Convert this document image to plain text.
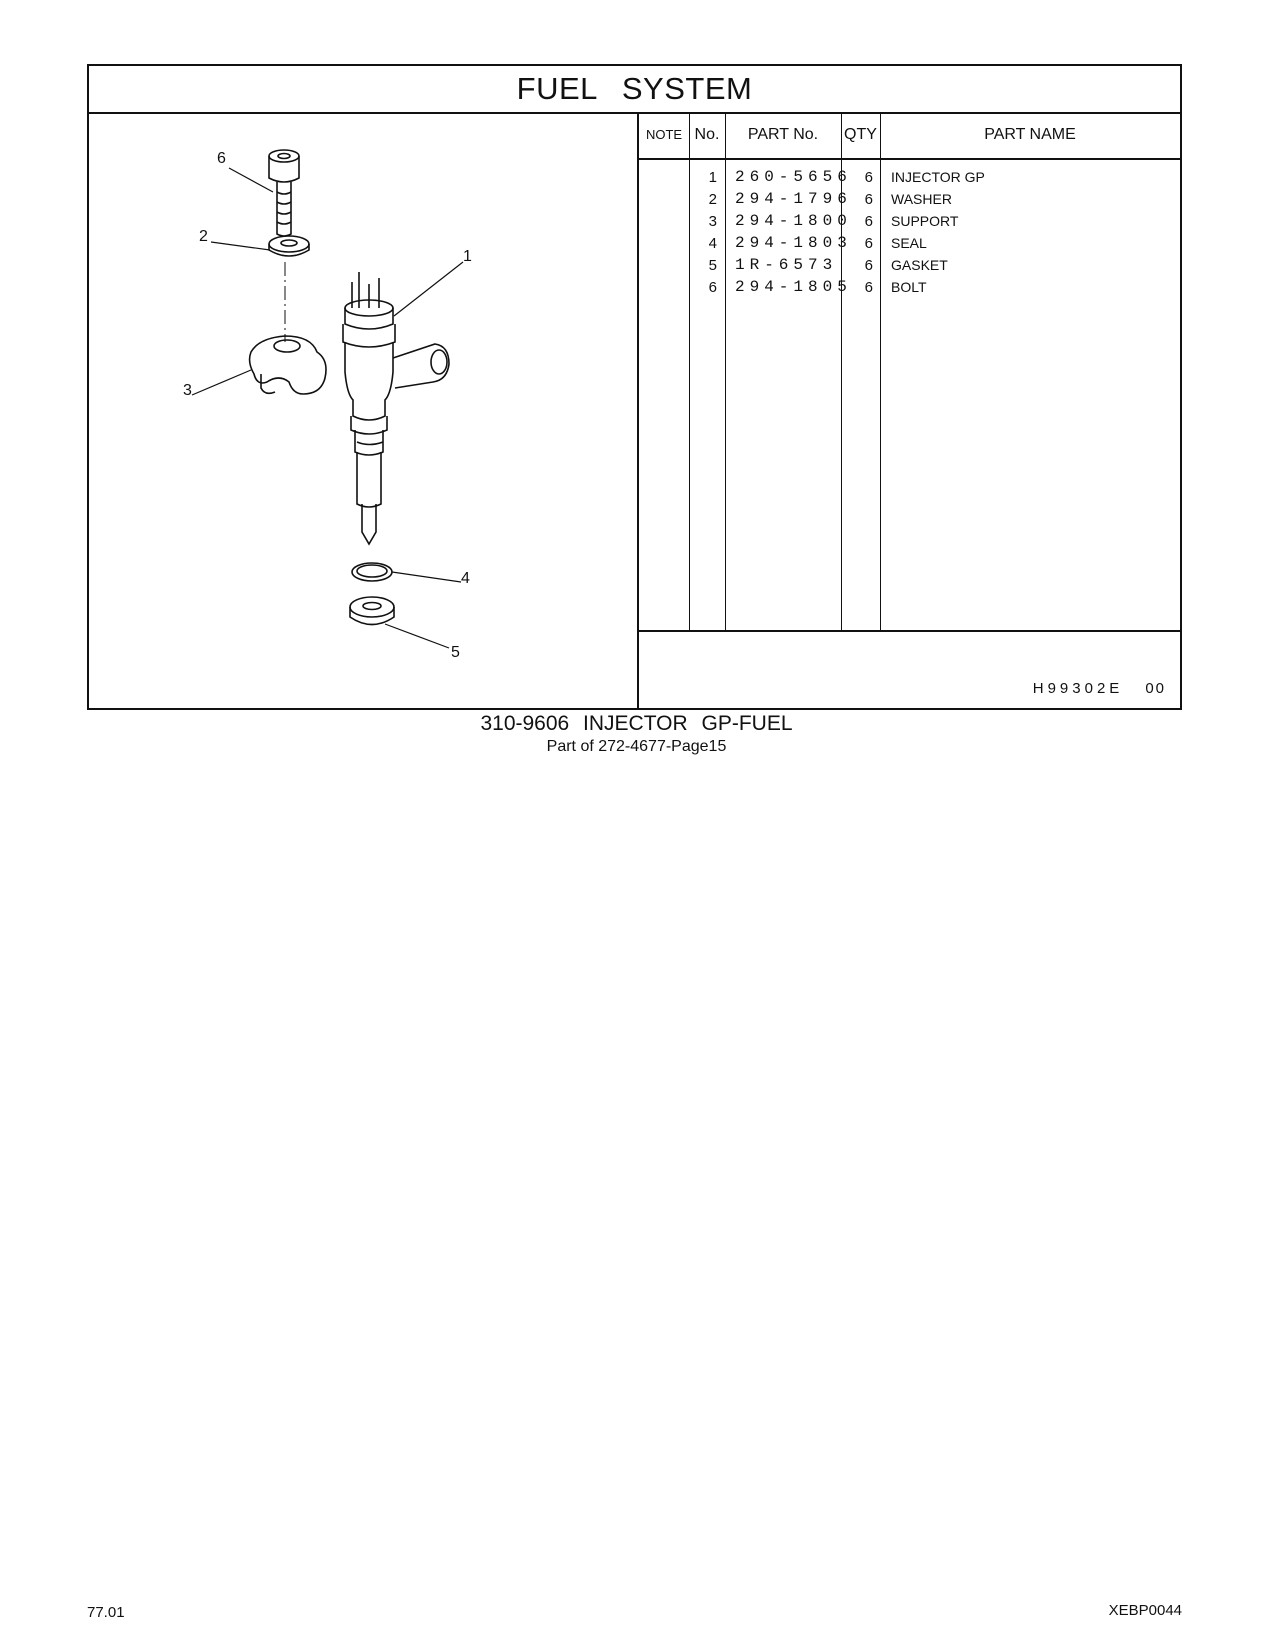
FUEL SYSTEM
6
2
3
1
4
5
NOTE No.	PART No.	QTY	PART NAME
1 260-5656 6 INJECTOR GP
2 294-1796 6 WASHER
3 294-1800 6 SUPPORT
4 294-1803 6 SEAL
5 1R-6573	6 GASKET
6 294-1805 6 BOLT
H99302E 00
310-9606 INJECTOR GP-FUEL
Part of 272-4677-Page15
77.01	XEBP0044
